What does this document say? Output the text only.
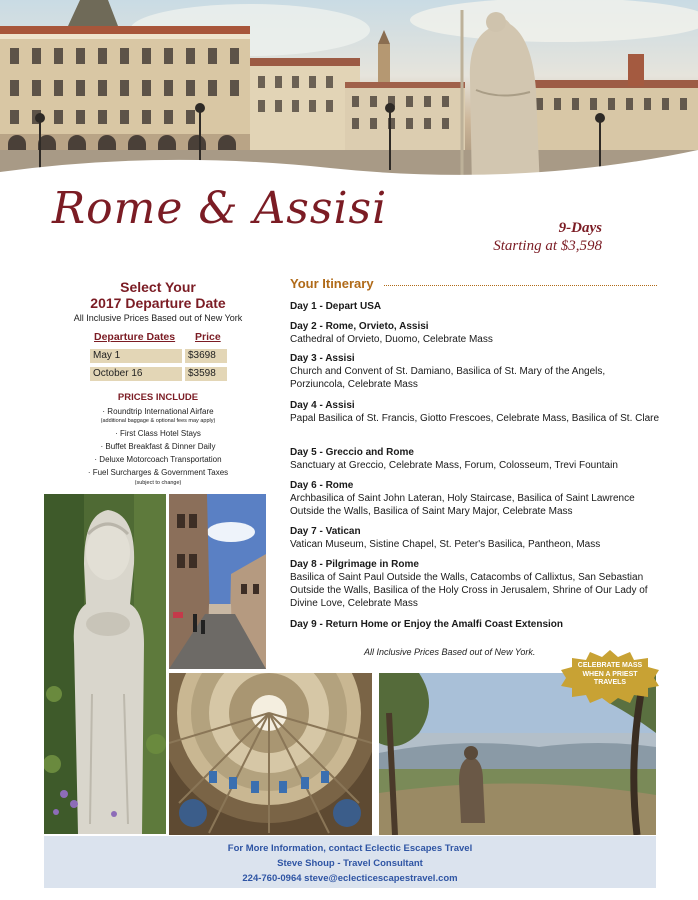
Rome & Assisi	9-Days
Starting at $3,598
Select Your
2017 Departure Date
All Inclusive Prices Based out of New York
Departure Dates Price
May 1	$3698
October 16	$3598
PRICES INCLUDE
· Roundtrip International Airfare
(additional baggage & optional fees may apply)
· First Class Hotel Stays
· Buffet Breakfast & Dinner Daily
· Deluxe Motorcoach Transportation
· Fuel Surcharges & Government Taxes
(subject to change)
Your Itinerary
Day 1 - Depart USA
Day 2 - Rome, Orvieto, Assisi
Cathedral of Orvieto, Duomo, Celebrate Mass
Day 3 - Assisi
Church and Convent of St. Damiano, Basilica of St. Mary of the Angels, Porziuncola, Celebrate Mass
Day 4 - Assisi
Papal Basilica of St. Francis, Giotto Frescoes, Celebrate Mass, Basilica of St. Clare
Day 5 - Greccio and Rome
Sanctuary at Greccio, Celebrate Mass, Forum, Colosseum, Trevi Fountain
Day 6 - Rome
Archbasilica of Saint John Lateran, Holy Staircase, Basilica of Saint Lawrence Outside the Walls, Basilica of Saint Mary Major, Celebrate Mass
Day 7 - Vatican
Vatican Museum, Sistine Chapel, St. Peter's Basilica, Pantheon, Mass
Day 8 - Pilgrimage in Rome
Basilica of Saint Paul Outside the Walls, Catacombs of Callixtus, San Sebastian Outside the Walls, Basilica of the Holy Cross in Jerusalem, Shrine of Our Lady of Divine Love, Celebrate Mass
Day 9 - Return Home or Enjoy the Amalfi Coast Extension
All Inclusive Prices Based out of New York.
CELEBRATE MASS
WHEN A PRIEST
TRAVELS
For More Information, contact Eclectic Escapes Travel
Steve Shoup - Travel Consultant
224-760-0964 steve@eclecticescapestravel.com
